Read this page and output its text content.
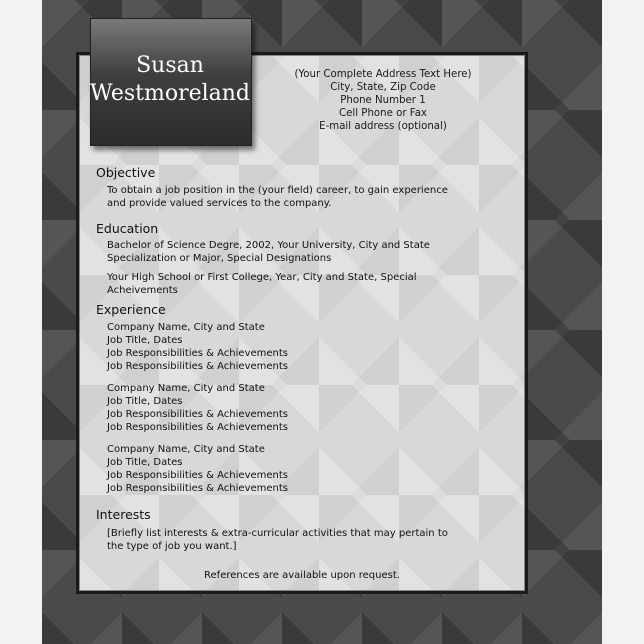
Susan
Westmoreland
(Your Complete Address Text Here)
City, State, Zip Code
Phone Number 1
Cell Phone or Fax
E-mail address (optional)
Objective
To obtain a job position in the (your field) career, to gain experience
and provide valued services to the company.
Education
Bachelor of Science Degre, 2002, Your University, City and State
Specialization or Major, Special Designations
Your High School or First College, Year, City and State, Special
Acheivements
Experience
Company Name, City and State
Job Title, Dates
Job Responsibilities & Achievements
Job Responsibilities & Achievements
Company Name, City and State
Job Title, Dates
Job Responsibilities & Achievements
Job Responsibilities & Achievements
Company Name, City and State
Job Title, Dates
Job Responsibilities & Achievements
Job Responsibilities & Achievements
Interests
[Briefly list interests & extra-curricular activities that may pertain to
the type of job you want.]
References are available upon request.
